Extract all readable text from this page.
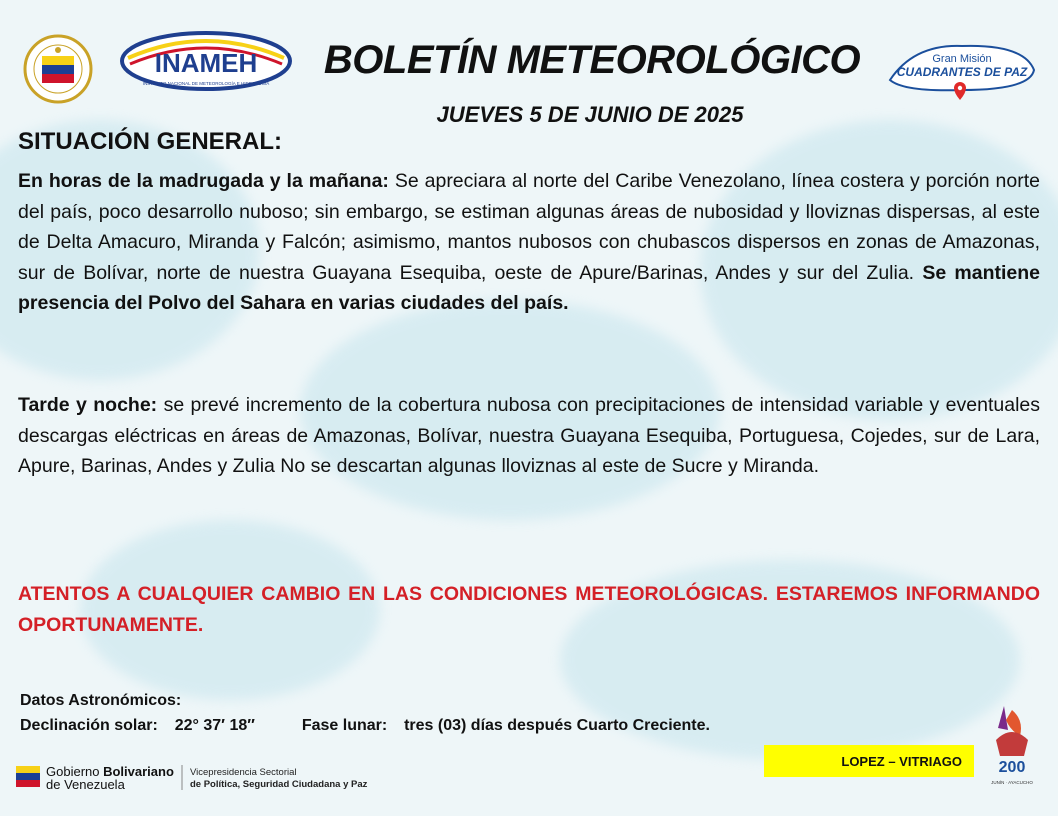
INAMEH
INSTITUTO NACIONAL DE METEOROLOGÍA E HIDROLOGÍA
BOLETÍN METEOROLÓGICO
JUEVES 5 DE JUNIO DE 2025
Gran Misión
CUADRANTES DE PAZ
SITUACIÓN GENERAL:
En horas de la madrugada y la mañana: Se apreciara al norte del Caribe Venezolano, línea costera y porción norte del país, poco desarrollo nuboso; sin embargo, se estiman algunas áreas de nubosidad y lloviznas dispersas, al este de Delta Amacuro, Miranda y Falcón; asimismo, mantos nubosos con chubascos dispersos en zonas de Amazonas, sur de Bolívar, norte de nuestra Guayana Esequiba, oeste de Apure/Barinas, Andes y sur del Zulia. Se mantiene presencia del Polvo del Sahara en varias ciudades del país.
Tarde y noche: se prevé incremento de la cobertura nubosa con precipitaciones de intensidad variable y eventuales descargas eléctricas en áreas de Amazonas, Bolívar, nuestra Guayana Esequiba, Portuguesa, Cojedes, sur de Lara, Apure, Barinas, Andes y Zulia No se descartan algunas lloviznas al este de Sucre y Miranda.
ATENTOS A CUALQUIER CAMBIO EN LAS CONDICIONES METEOROLÓGICAS. ESTAREMOS INFORMANDO OPORTUNAMENTE.
Datos Astronómicos:
Declinación solar: 22° 37′ 18″	Fase lunar: tres (03) días después Cuarto Creciente.
LOPEZ – VITRIAGO
Gobierno Bolivariano
de Venezuela
Vicepresidencia Sectorial
de Política, Seguridad Ciudadana y Paz
200
JUNÍN · AYACUCHO
